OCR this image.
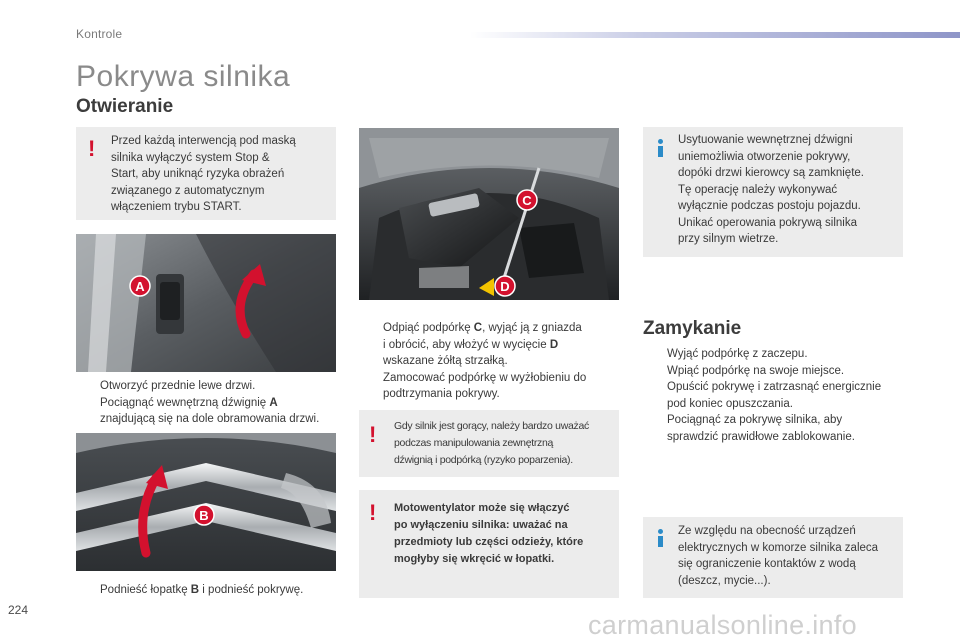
Kontrole
Pokrywa silnika
Otwieranie
! Przed każdą interwencją pod maską
silnika wyłączyć system Stop &
Start, aby uniknąć ryzyka obrażeń
związanego z automatycznym
włączeniem trybu START.
A
Otworzyć przednie lewe drzwi.
Pociągnąć wewnętrzną dźwignię A
znajdującą się na dole obramowania drzwi.
B
Podnieść łopatkę B i podnieść pokrywę.
C
D
Odpiąć podpórkę C, wyjąć ją z gniazda
i obrócić, aby włożyć w wycięcie D
wskazane żółtą strzałką.
Zamocować podpórkę w wyżłobieniu do
podtrzymania pokrywy.
! Gdy silnik jest gorący, należy bardzo uważać
podczas manipulowania zewnętrzną
dźwignią i podpórką (ryzyko poparzenia).
! Motowentylator może się włączyć
po wyłączeniu silnika: uważać na
przedmioty lub części odzieży, które
mogłyby się wkręcić w łopatki.
Usytuowanie wewnętrznej dźwigni
uniemożliwia otworzenie pokrywy,
dopóki drzwi kierowcy są zamknięte.
Tę operację należy wykonywać
wyłącznie podczas postoju pojazdu.
Unikać operowania pokrywą silnika
przy silnym wietrze.
Zamykanie
Wyjąć podpórkę z zaczepu.
Wpiąć podpórkę na swoje miejsce.
Opuścić pokrywę i zatrzasnąć energicznie
pod koniec opuszczania.
Pociągnąć za pokrywę silnika, aby
sprawdzić prawidłowe zablokowanie.
Ze względu na obecność urządzeń
elektrycznych w komorze silnika zaleca
się ograniczenie kontaktów z wodą
(deszcz, mycie...).
224	carmanualsonline.info
